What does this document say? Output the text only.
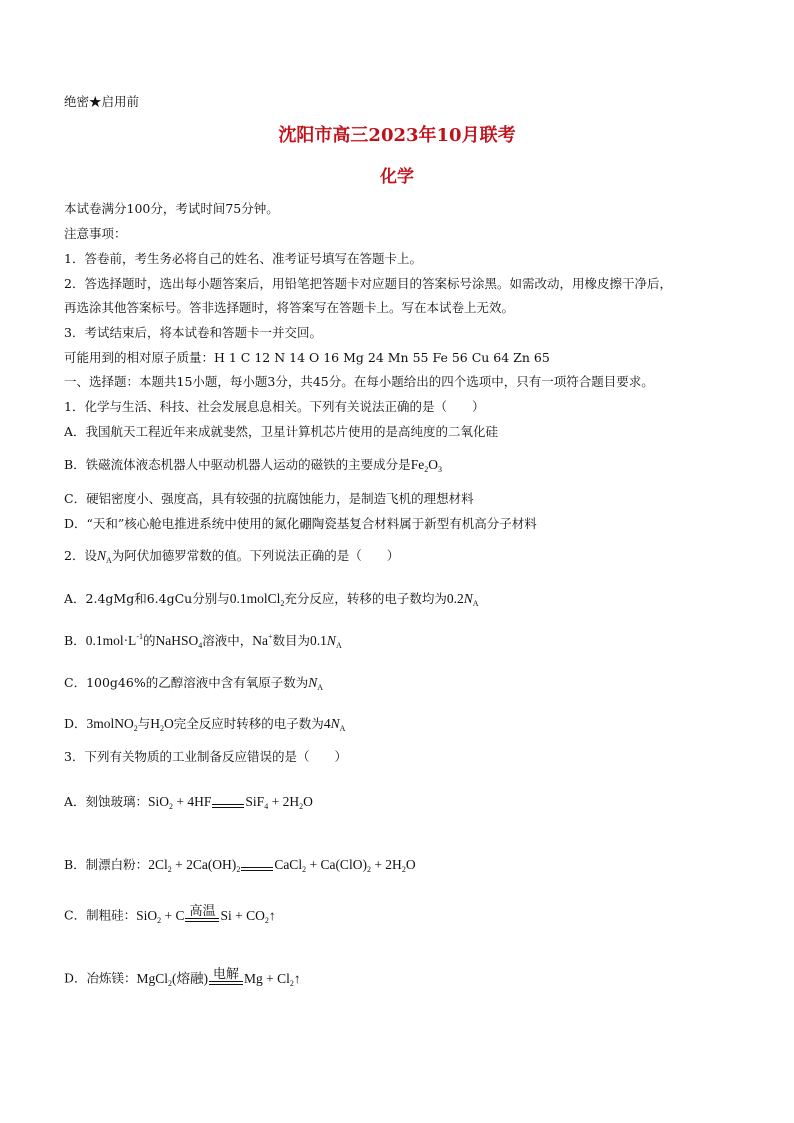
绝密★启用前
沈阳市高三2023年10月联考
化学
本试卷满分100分，考试时间75分钟。
注意事项：
1．答卷前，考生务必将自己的姓名、准考证号填写在答题卡上。
2．答选择题时，选出每小题答案后，用铅笔把答题卡对应题目的答案标号涂黑。如需改动，用橡皮擦干净后，
再选涂其他答案标号。答非选择题时，将答案写在答题卡上。写在本试卷上无效。
3．考试结束后，将本试卷和答题卡一并交回。
可能用到的相对原子质量：H 1 C 12 N 14 O 16 Mg 24 Mn 55 Fe 56 Cu 64 Zn 65
一、选择题：本题共15小题，每小题3分，共45分。在每小题给出的四个选项中，只有一项符合题目要求。
1．化学与生活、科技、社会发展息息相关。下列有关说法正确的是（　　）
A．我国航天工程近年来成就斐然，卫星计算机芯片使用的是高纯度的二氧化硅
B．铁磁流体液态机器人中驱动机器人运动的磁铁的主要成分是$Fe_2O_3$
C．硬铝密度小、强度高，具有较强的抗腐蚀能力，是制造飞机的理想材料
D．“天和”核心舱电推进系统中使用的氮化硼陶瓷基复合材料属于新型有机高分子材料
2．设$N_A$为阿伏加德罗常数的值。下列说法正确的是（　　）
A．2.4gMg和6.4gCu分别与0.1molCl$_2$充分反应，转移的电子数均为$0.2N_A$
B．$0.1mol\cdot L^{-1}$的NaHSO$_4$溶液中，Na+数目为$0.1N_A$
C．100g46%的乙醇溶液中含有氧原子数为$N_A$
D．3molNO$_2$与$H_2O$完全反应时转移的电子数为$4N_A$
3．下列有关物质的工业制备反应错误的是（　　）
A．刻蚀玻璃：SiO$_2$ + 4HF	$SiF_4 + 2H_2O$
B．制漂白粉：$2Cl_2 + 2Ca(OH)_2$	CaCl$_2$ + $Ca(ClO)_2 + 2H_2O$
C．制粗硅：SiO$_2$ + C 高温 $Si + CO_2↑$
D．冶炼镁：MgCl$_2$(熔融) 电解 $Mg + Cl_2↑$
